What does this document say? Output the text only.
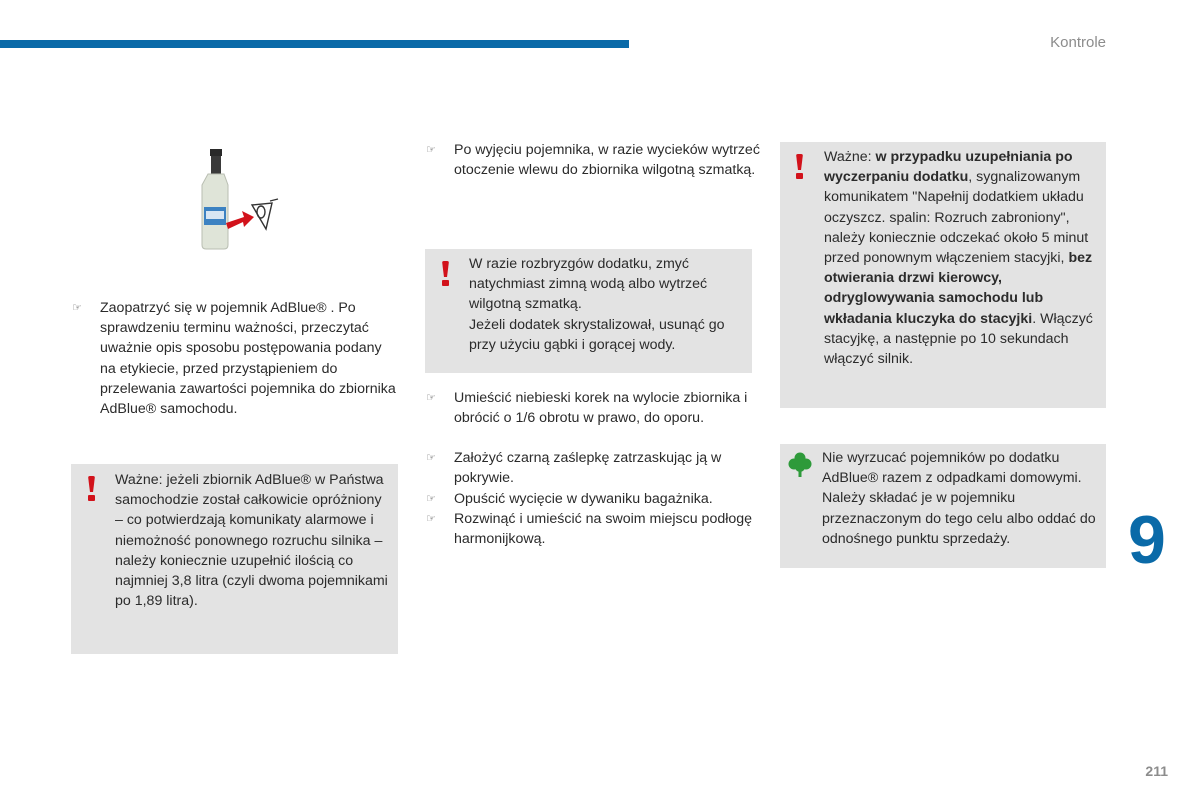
Kontrole

☞ Zaopatrzyć się w pojemnik AdBlue® . Po sprawdzeniu terminu ważności, przeczytać uważnie opis sposobu postępowania podany na etykiecie, przed przystąpieniem do przelewania zawartości pojemnika do zbiornika AdBlue® samochodu.

Ważne: jeżeli zbiornik AdBlue® w Państwa samochodzie został całkowicie opróżniony – co potwierdzają komunikaty alarmowe i niemożność ponownego rozruchu silnika – należy koniecznie uzupełnić ilością co najmniej 3,8 litra (czyli dwoma pojemnikami po 1,89 litra).

☞ Po wyjęciu pojemnika, w razie wycieków wytrzeć otoczenie wlewu do zbiornika wilgotną szmatką.

W razie rozbryzgów dodatku, zmyć natychmiast zimną wodą albo wytrzeć wilgotną szmatką.

Jeżeli dodatek skrystalizował, usunąć go przy użyciu gąbki i gorącej wody.

☞ Umieścić niebieski korek na wylocie zbiornika i obrócić o 1/6 obrotu w prawo, do oporu.

☞ Założyć czarną zaślepkę zatrzaskując ją w pokrywie.

☞ Opuścić wycięcie w dywaniku bagażnika.

☞ Rozwinąć i umieścić na swoim miejscu podłogę harmonijkową.

Ważne: w przypadku uzupełniania po wyczerpaniu dodatku, sygnalizowanym komunikatem "Napełnij dodatkiem układu oczyszcz. spalin: Rozruch zabroniony", należy koniecznie odczekać około 5 minut przed ponownym włączeniem stacyjki, bez otwierania drzwi kierowcy, odryglowywania samochodu lub wkładania kluczyka do stacyjki. Włączyć stacyjkę, a następnie po 10 sekundach włączyć silnik.

Nie wyrzucać pojemników po dodatku AdBlue® razem z odpadkami domowymi. Należy składać je w pojemniku przeznaczonym do tego celu albo oddać do odnośnego punktu sprzedaży.	9
211
